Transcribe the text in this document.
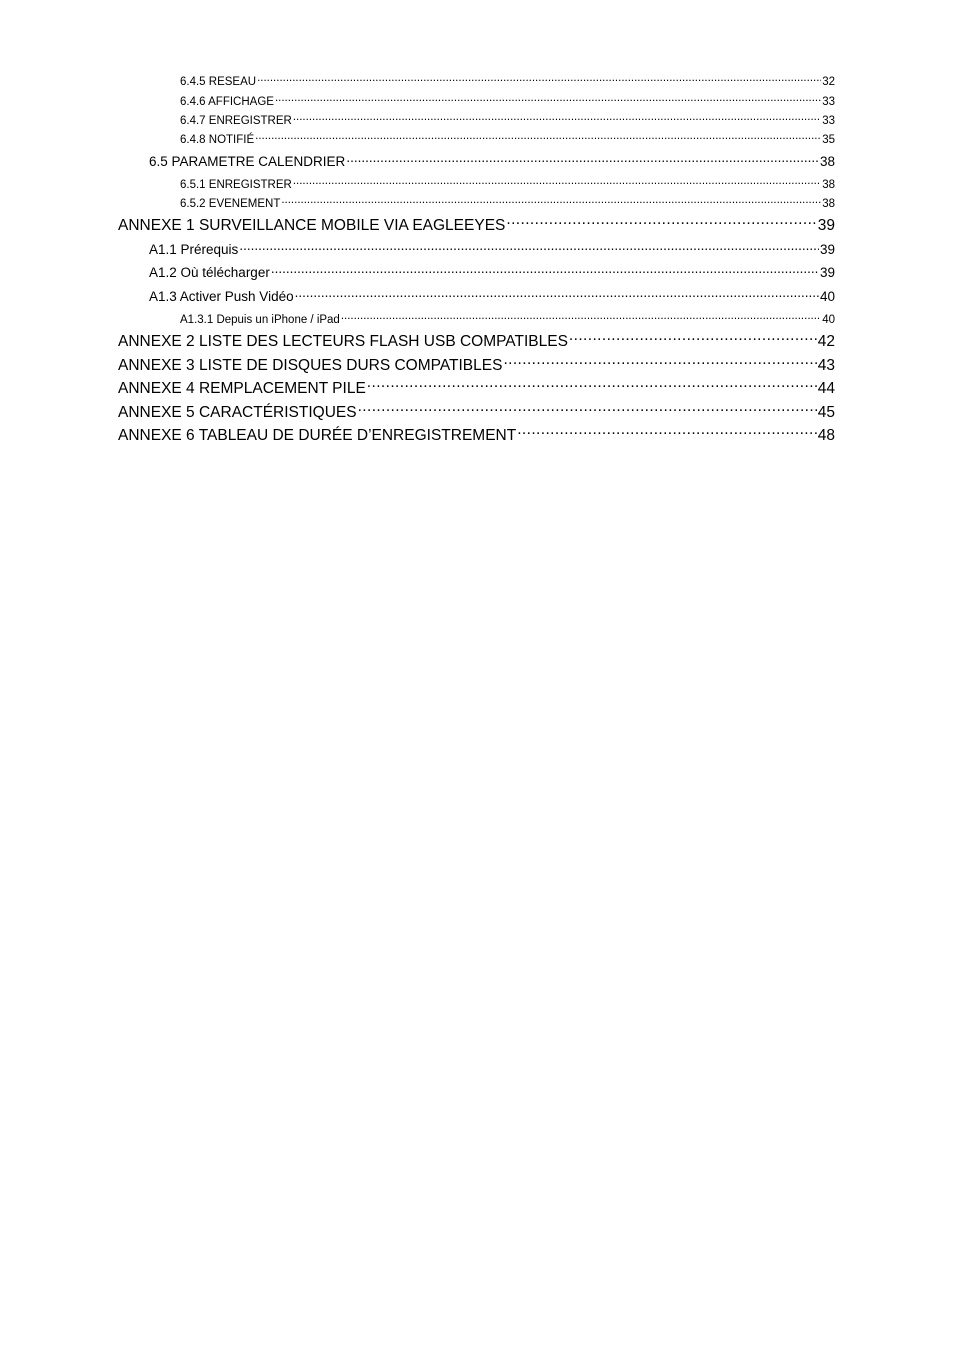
6.4.5 RESEAU .....	32
6.4.6 AFFICHAGE .....	33
6.4.7 ENREGISTRER .....	33
6.4.8 NOTIFIÉ .....	35
6.5 PARAMETRE CALENDRIER .....	38
6.5.1 ENREGISTRER .....	38
6.5.2 EVENEMENT .....	38
ANNEXE 1 SURVEILLANCE MOBILE VIA EAGLEEYES .....	39
A1.1 Prérequis .....	39
A1.2 Où télécharger .....	39
A1.3 Activer Push Vidéo .....	40
A1.3.1 Depuis un iPhone / iPad .....	40
ANNEXE 2 LISTE DES LECTEURS FLASH USB COMPATIBLES .....	42
ANNEXE 3 LISTE DE DISQUES DURS COMPATIBLES .....	43
ANNEXE 4 REMPLACEMENT PILE .....	44
ANNEXE 5 CARACTÉRISTIQUES .....	45
ANNEXE 6 TABLEAU DE DURÉE D’ENREGISTREMENT .....	48
